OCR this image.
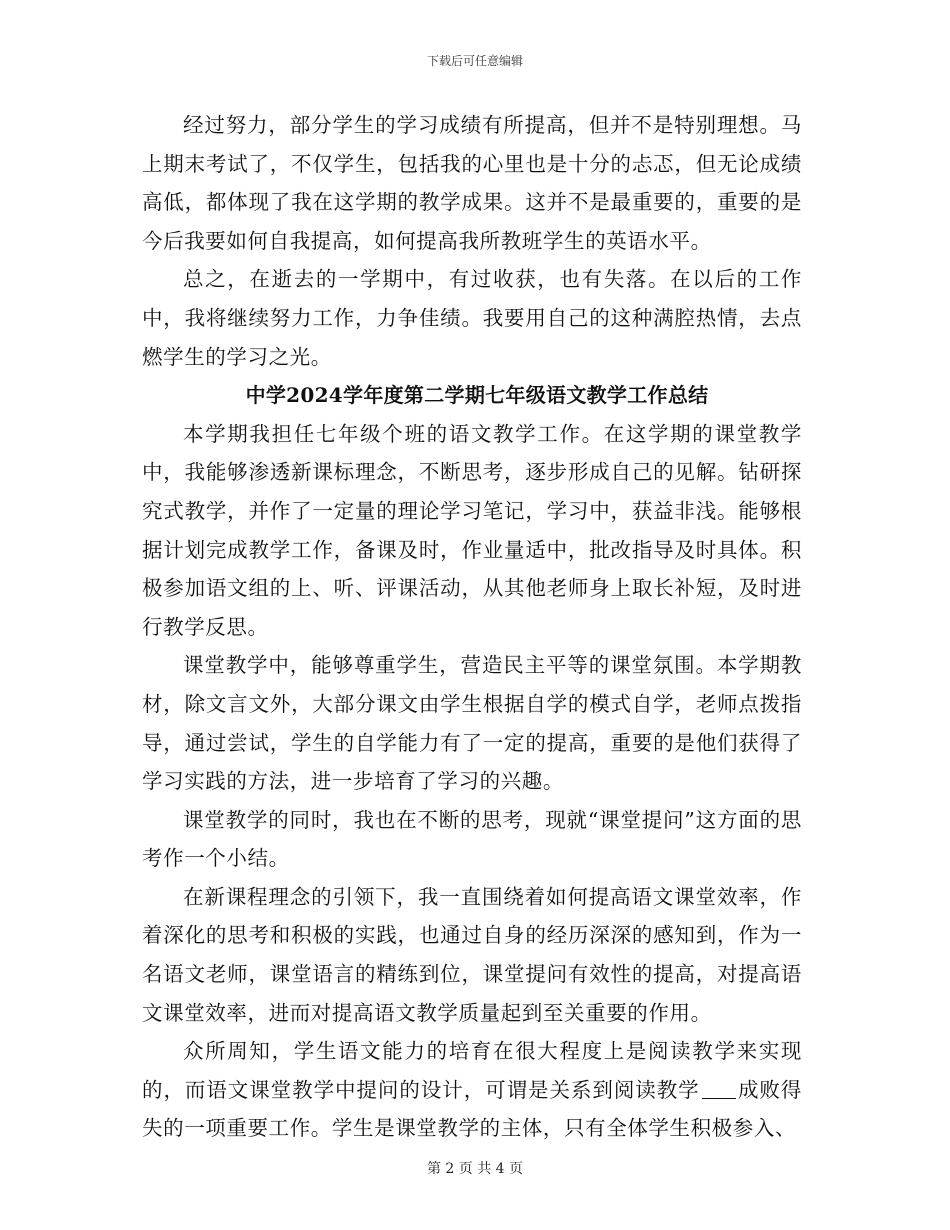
下载后可任意编辑

经过努力，部分学生的学习成绩有所提高，但并不是特别理想。马上期末考试了，不仅学生，包括我的心里也是十分的忐忑，但无论成绩高低，都体现了我在这学期的教学成果。这并不是最重要的，重要的是今后我要如何自我提高，如何提高我所教班学生的英语水平。

总之，在逝去的一学期中，有过收获，也有失落。在以后的工作中，我将继续努力工作，力争佳绩。我要用自己的这种满腔热情，去点燃学生的学习之光。

中学2024学年度第二学期七年级语文教学工作总结

本学期我担任七年级个班的语文教学工作。在这学期的课堂教学中，我能够渗透新课标理念，不断思考，逐步形成自己的见解。钻研探究式教学，并作了一定量的理论学习笔记，学习中，获益非浅。能够根据计划完成教学工作，备课及时，作业量适中，批改指导及时具体。积极参加语文组的上、听、评课活动，从其他老师身上取长补短，及时进行教学反思。

课堂教学中，能够尊重学生，营造民主平等的课堂氛围。本学期教材，除文言文外，大部分课文由学生根据自学的模式自学，老师点拨指导，通过尝试，学生的自学能力有了一定的提高，重要的是他们获得了学习实践的方法，进一步培育了学习的兴趣。

课堂教学的同时，我也在不断的思考，现就“课堂提问”这方面的思考作一个小结。

在新课程理念的引领下，我一直围绕着如何提高语文课堂效率，作着深化的思考和积极的实践，也通过自身的经历深深的感知到，作为一名语文老师，课堂语言的精练到位，课堂提问有效性的提高，对提高语文课堂效率，进而对提高语文教学质量起到至关重要的作用。

众所周知，学生语文能力的培育在很大程度上是阅读教学来实现的，而语文课堂教学中提问的设计，可谓是关系到阅读教学 成败得失的一项重要工作。学生是课堂教学的主体，只有全体学生积极参入、

第 2 页 共 4 页
